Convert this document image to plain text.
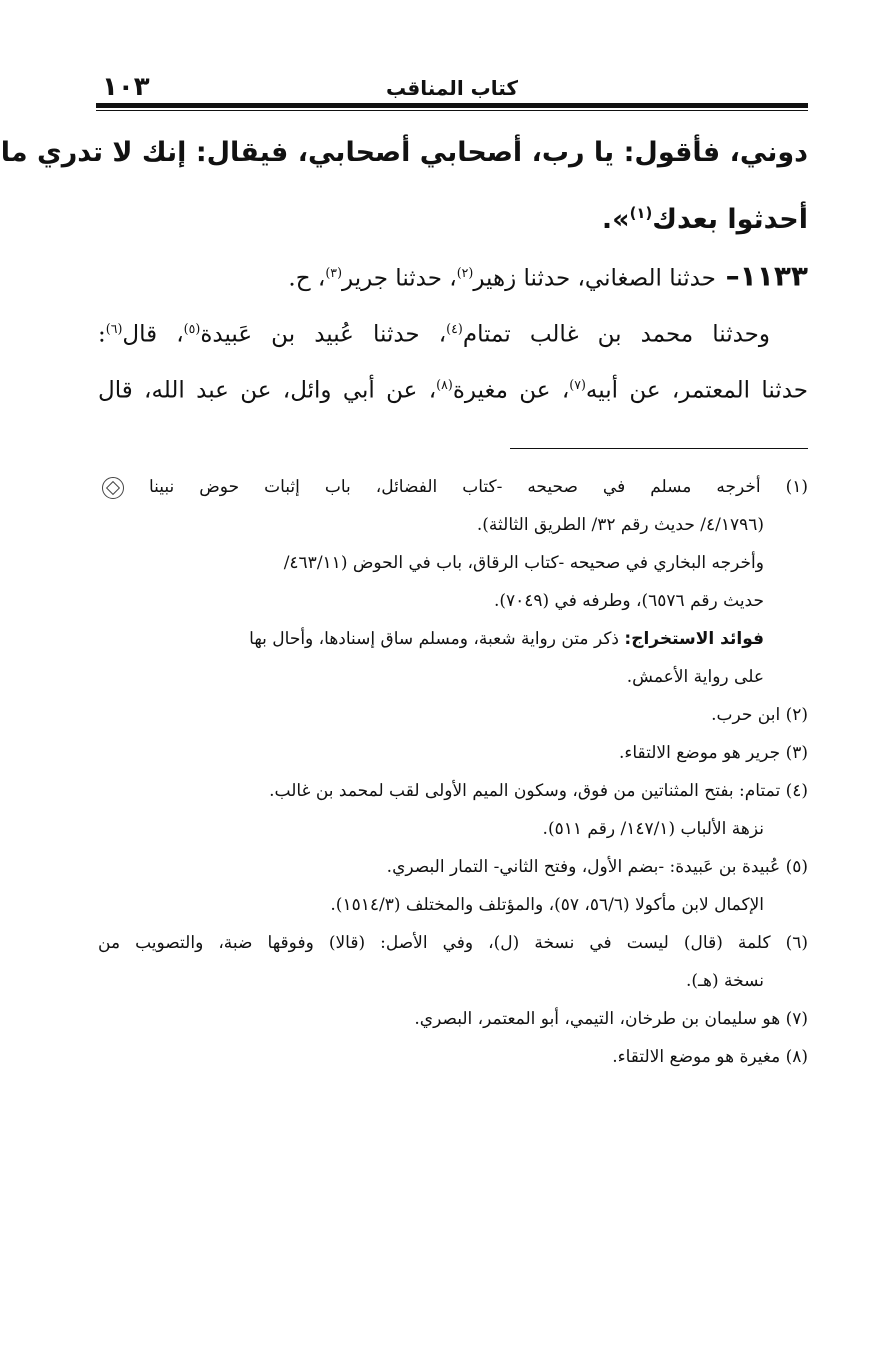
١٠٣	كتاب المناقب
دوني، فأقول: يا رب، أصحابي أصحابي، فيقال: إنك لا تدري ما
أحدثوا بعدك$^{(١)}$».
١١٣٣– حدثنا الصغاني، حدثنا زهير$^{(٢)}$، حدثنا جرير$^{(٣)}$، ح.
وحدثنا محمد بن غالب تمتام$^{(٤)}$، حدثنا عُبيد بن عَبيدة$^{(٥)}$، قال$^{(٦)}$:
حدثنا المعتمر، عن أبيه$^{(٧)}$، عن مغيرة$^{(٨)}$، عن أبي وائل، عن عبد الله، قال
(١) أخرجه مسلم في صحيحه -كتاب الفضائل، باب إثبات حوض نبينا
(٤/١٧٩٦/ حديث رقم ٣٢/ الطريق الثالثة).
وأخرجه البخاري في صحيحه -كتاب الرقاق، باب في الحوض (٤٦٣/١١/
حديث رقم ٦٥٧٦)، وطرفه في (٧٠٤٩).
فوائد الاستخراج: ذكر متن رواية شعبة، ومسلم ساق إسنادها، وأحال بها
على رواية الأعمش.
(٢) ابن حرب.
(٣) جرير هو موضع الالتقاء.
(٤) تمتام: بفتح المثناتين من فوق، وسكون الميم الأولى لقب لمحمد بن غالب.
نزهة الألباب (١٤٧/١/ رقم ٥١١).
(٥) عُبيدة بن عَبيدة: -بضم الأول، وفتح الثاني- التمار البصري.
الإكمال لابن مأكولا (٥٦/٦، ٥٧)، والمؤتلف والمختلف (١٥١٤/٣).
(٦) كلمة (قال) ليست في نسخة (ل)، وفي الأصل: (قالا) وفوقها ضبة، والتصويب من
نسخة (هـ).
(٧) هو سليمان بن طرخان، التيمي، أبو المعتمر، البصري.
(٨) مغيرة هو موضع الالتقاء.
